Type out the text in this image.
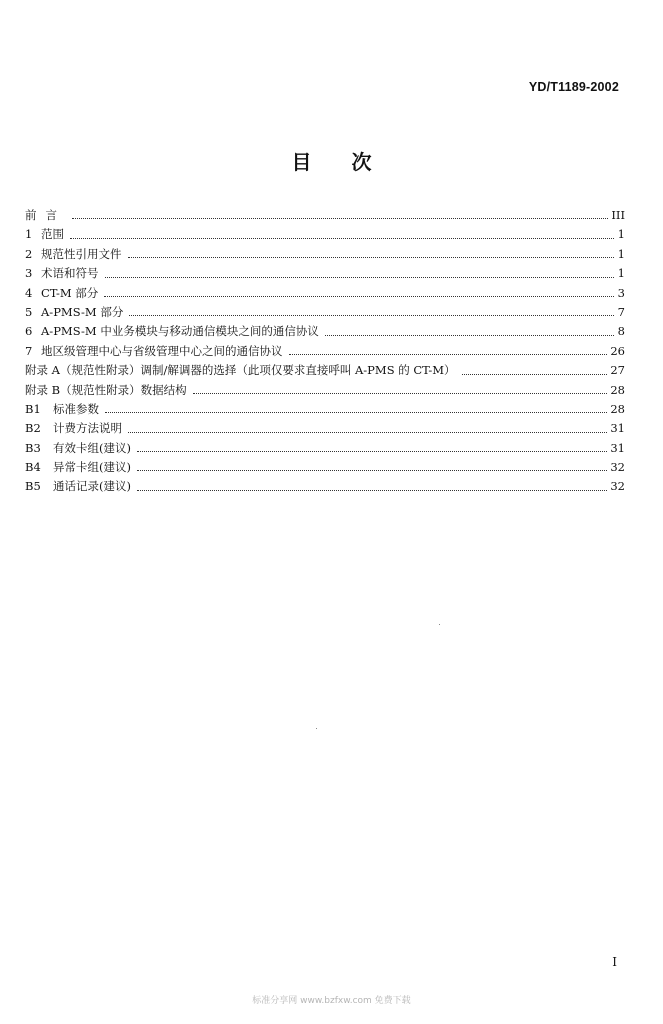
YD/T1189-2002
目次
前言	III
1 范围	1
2 规范性引用文件	1
3 术语和符号	1
4 CT-M 部分	3
5 A-PMS-M 部分	7
6 A-PMS-M 中业务模块与移动通信模块之间的通信协议	8
7 地区级管理中心与省级管理中心之间的通信协议	26
附录 A（规范性附录）调制/解调器的选择（此项仅要求直接呼叫 A-PMS 的 CT-M）	27
附录 B（规范性附录）数据结构	28
B1	标准参数	28
B2	计费方法说明	31
B3	有效卡组(建议)	31
B4	异常卡组(建议)	32
B5	通话记录(建议)	32
I
标准分享网 www.bzfxw.com 免费下载
